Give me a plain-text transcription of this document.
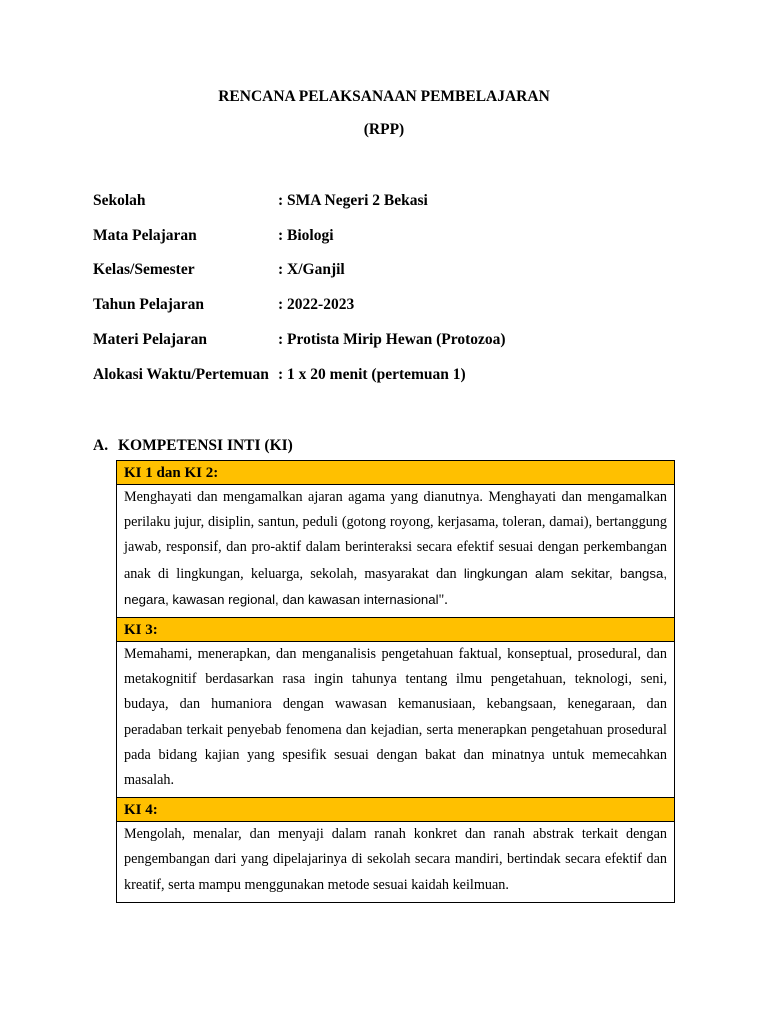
RENCANA PELAKSANAAN PEMBELAJARAN
(RPP)
Sekolah	: SMA Negeri 2 Bekasi
Mata Pelajaran	: Biologi
Kelas/Semester	: X/Ganjil
Tahun Pelajaran	: 2022-2023
Materi Pelajaran	: Protista Mirip Hewan (Protozoa)
Alokasi Waktu/Pertemuan : 1 x 20 menit (pertemuan 1)
A. KOMPETENSI INTI (KI)
KI 1 dan KI 2:
Menghayati dan mengamalkan ajaran agama yang dianutnya. Menghayati dan mengamalkan perilaku jujur, disiplin, santun, peduli (gotong royong, kerjasama, toleran, damai), bertanggung jawab, responsif, dan pro-aktif dalam berinteraksi secara efektif sesuai dengan perkembangan anak di lingkungan, keluarga, sekolah, masyarakat dan lingkungan alam sekitar, bangsa, negara, kawasan regional, dan kawasan internasional".
KI 3:
Memahami, menerapkan, dan menganalisis pengetahuan faktual, konseptual, prosedural, dan metakognitif berdasarkan rasa ingin tahunya tentang ilmu pengetahuan, teknologi, seni, budaya, dan humaniora dengan wawasan kemanusiaan, kebangsaan, kenegaraan, dan peradaban terkait penyebab fenomena dan kejadian, serta menerapkan pengetahuan prosedural pada bidang kajian yang spesifik sesuai dengan bakat dan minatnya untuk memecahkan masalah.
KI 4:
Mengolah, menalar, dan menyaji dalam ranah konkret dan ranah abstrak terkait dengan pengembangan dari yang dipelajarinya di sekolah secara mandiri, bertindak secara efektif dan kreatif, serta mampu menggunakan metode sesuai kaidah keilmuan.
